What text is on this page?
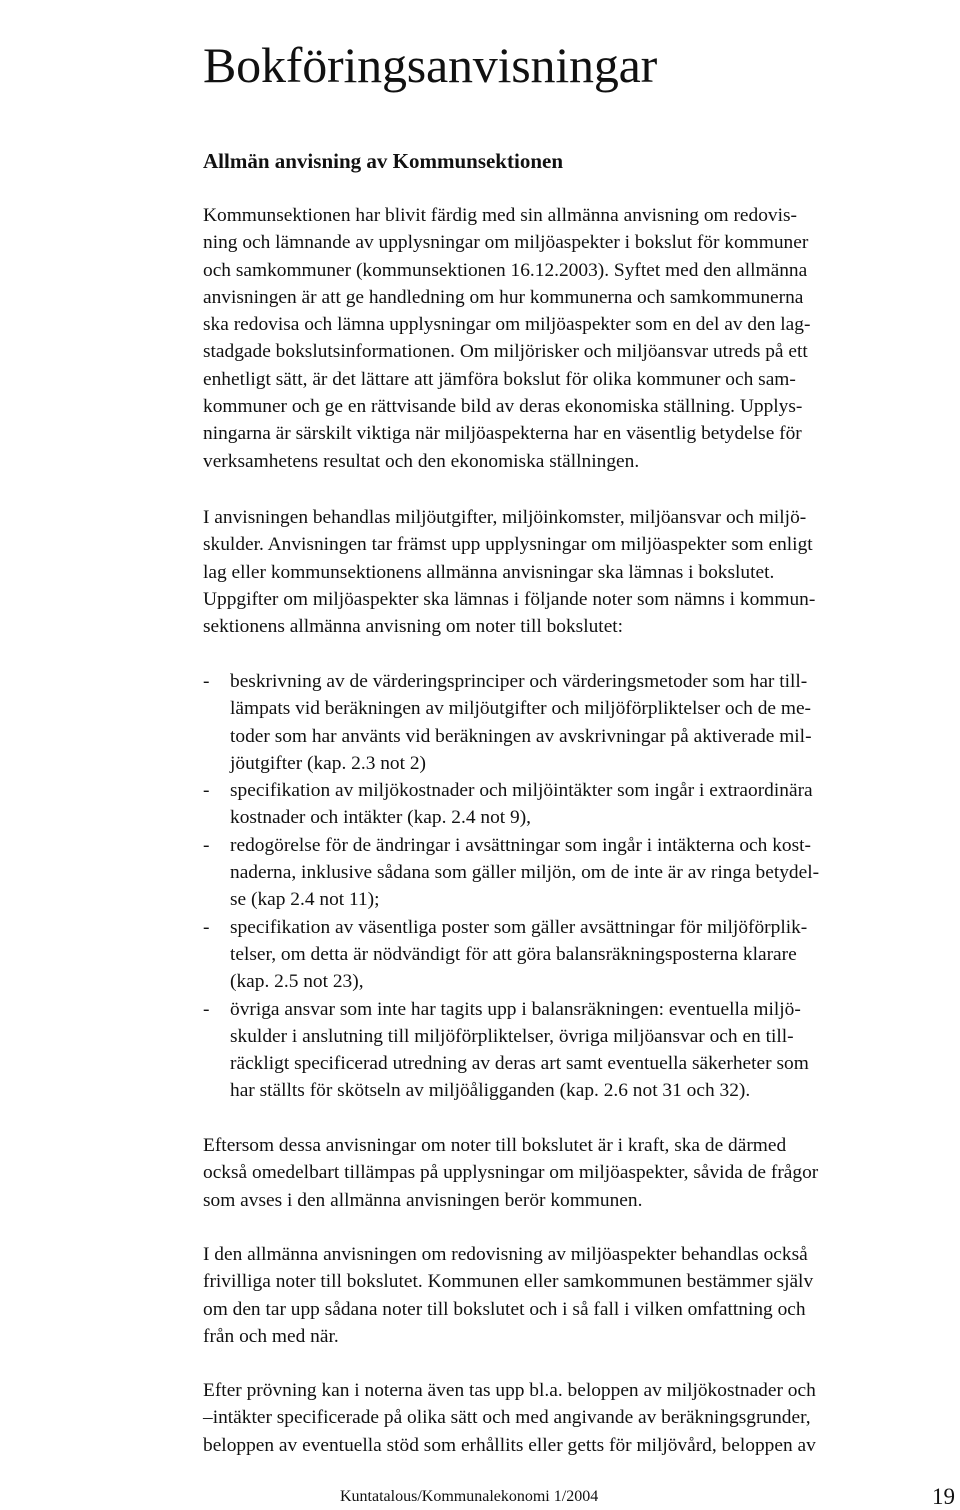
Bokföringsanvisningar
Allmän anvisning av Kommunsektionen
Kommunsektionen har blivit färdig med sin allmänna anvisning om redovis-
ning och lämnande av upplysningar om miljöaspekter i bokslut för kommuner
och samkommuner (kommunsektionen 16.12.2003). Syftet med den allmänna
anvisningen är att ge handledning om hur kommunerna och samkommunerna
ska redovisa och lämna upplysningar om miljöaspekter som en del av den lag-
stadgade bokslutsinformationen. Om miljörisker och miljöansvar utreds på ett
enhetligt sätt, är det lättare att jämföra bokslut för olika kommuner och sam-
kommuner och ge en rättvisande bild av deras ekonomiska ställning. Upplys-
ningarna är särskilt viktiga när miljöaspekterna har en väsentlig betydelse för
verksamhetens resultat och den ekonomiska ställningen.
I anvisningen behandlas miljöutgifter, miljöinkomster, miljöansvar och miljö-
skulder. Anvisningen tar främst upp upplysningar om miljöaspekter som enligt
lag eller kommunsektionens allmänna anvisningar ska lämnas i bokslutet.
Uppgifter om miljöaspekter ska lämnas i följande noter som nämns i kommun-
sektionens allmänna anvisning om noter till bokslutet:
- beskrivning av de värderingsprinciper och värderingsmetoder som har till-
lämpats vid beräkningen av miljöutgifter och miljöförpliktelser och de me-
toder som har använts vid beräkningen av avskrivningar på aktiverade mil-
jöutgifter (kap. 2.3 not 2)
- specifikation av miljökostnader och miljöintäkter som ingår i extraordinära
kostnader och intäkter (kap. 2.4 not 9),
- redogörelse för de ändringar i avsättningar som ingår i intäkterna och kost-
naderna, inklusive sådana som gäller miljön, om de inte är av ringa betydel-
se (kap 2.4 not 11);
- specifikation av väsentliga poster som gäller avsättningar för miljöförplik-
telser, om detta är nödvändigt för att göra balansräkningsposterna klarare
(kap. 2.5 not 23),
- övriga ansvar som inte har tagits upp i balansräkningen: eventuella miljö-
skulder i anslutning till miljöförpliktelser, övriga miljöansvar och en till-
räckligt specificerad utredning av deras art samt eventuella säkerheter som
har ställts för skötseln av miljöåligganden (kap. 2.6 not 31 och 32).
Eftersom dessa anvisningar om noter till bokslutet är i kraft, ska de därmed
också omedelbart tillämpas på upplysningar om miljöaspekter, såvida de frågor
som avses i den allmänna anvisningen berör kommunen.
I den allmänna anvisningen om redovisning av miljöaspekter behandlas också
frivilliga noter till bokslutet. Kommunen eller samkommunen bestämmer själv
om den tar upp sådana noter till bokslutet och i så fall i vilken omfattning och
från och med när.
Efter prövning kan i noterna även tas upp bl.a. beloppen av miljökostnader och
–intäkter specificerade på olika sätt och med angivande av beräkningsgrunder,
beloppen av eventuella stöd som erhållits eller getts för miljövård, beloppen av
Kuntatalous/Kommunalekonomi 1/2004	19
